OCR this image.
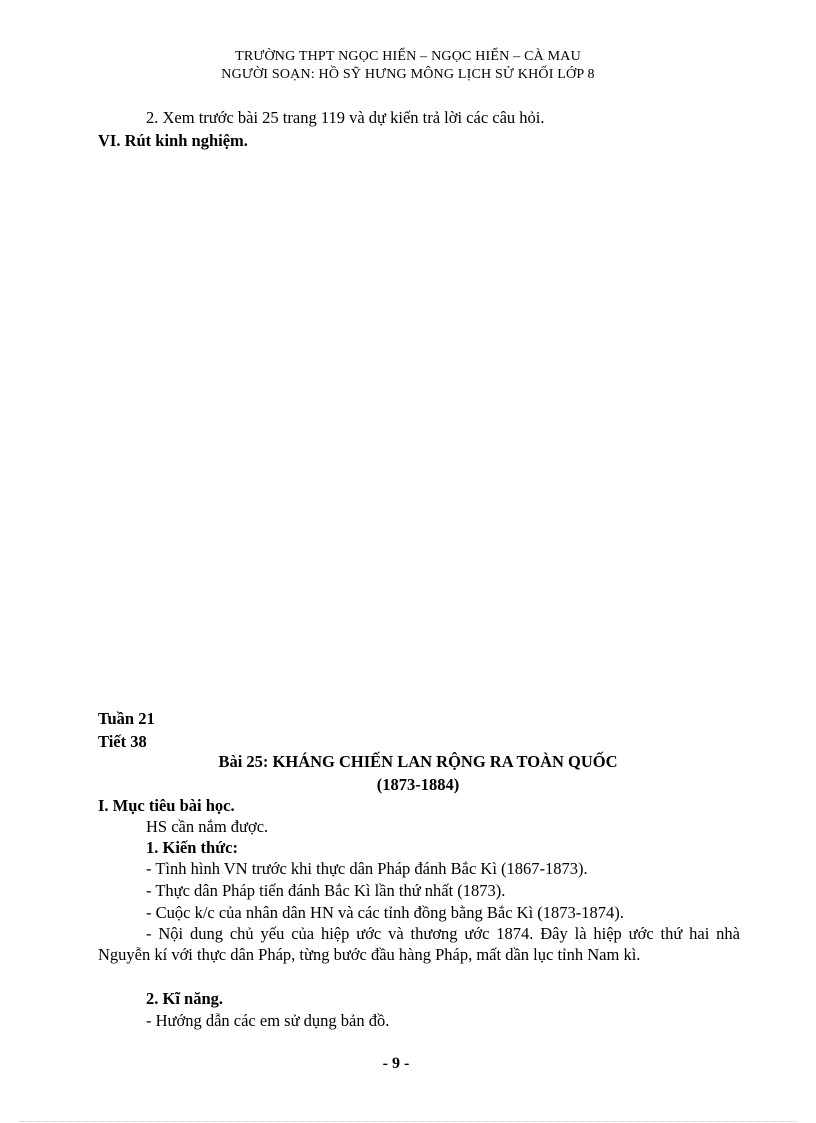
TRƯỜNG THPT NGỌC HIỂN – NGỌC HIỂN – CÀ MAU
NGƯỜI SOẠN: HỒ SỸ HƯNG MÔNG LỊCH SỬ KHỐI LỚP 8
2. Xem trước bài 25 trang 119 và dự kiến trả lời các câu hỏi.
VI. Rút kinh nghiệm.
Tuần 21
Tiết 38
Bài 25: KHÁNG CHIẾN LAN RỘNG RA TOÀN QUỐC
(1873-1884)
I. Mục tiêu bài học.
HS cần nắm được.
1. Kiến thức:
- Tình hình VN trước khi thực dân Pháp đánh Bắc Kì (1867-1873).
- Thực dân Pháp tiến đánh Bắc Kì lần thứ nhất (1873).
- Cuộc k/c của nhân dân HN và các tỉnh đồng bằng Bắc Kì (1873-1874).
- Nội dung chủ yếu của hiệp ước và thương ước 1874. Đây là hiệp ước thứ hai nhà Nguyễn kí với thực dân Pháp, từng bước đầu hàng Pháp, mất dần lục tỉnh Nam kì.
2. Kĩ năng.
- Hướng dẫn các em sử dụng bản đồ.
- 9 -
